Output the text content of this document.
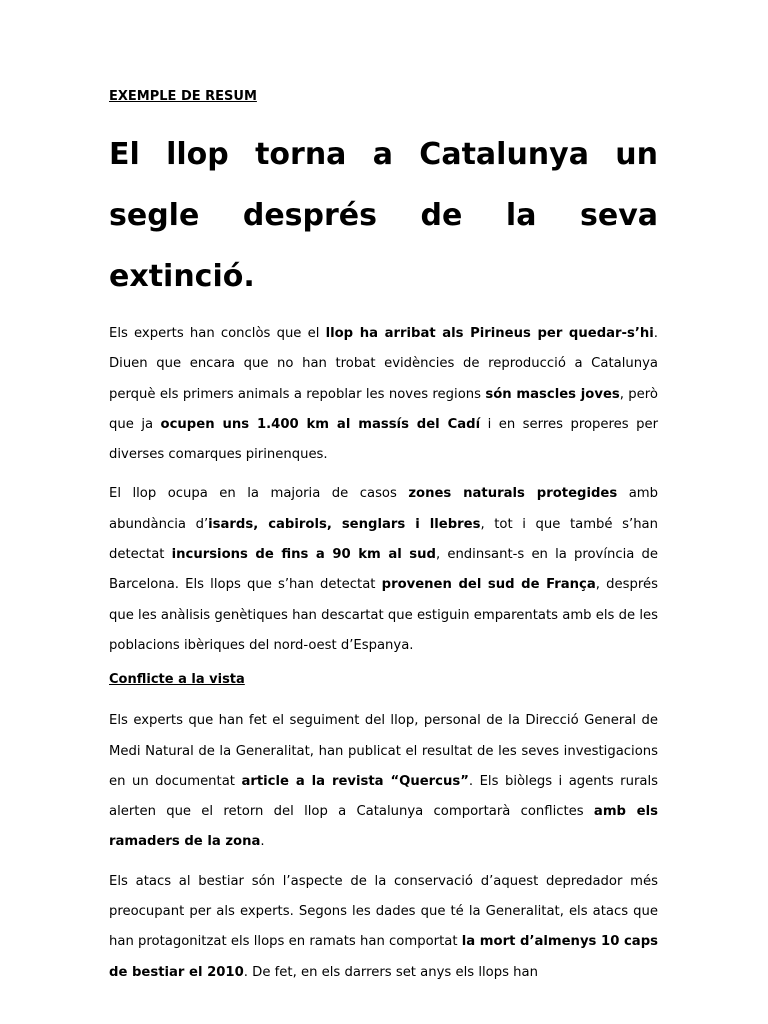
EXEMPLE DE RESUM
El llop torna a Catalunya un segle després de la seva extinció.
Els experts han conclòs que el llop ha arribat als Pirineus per quedar-s’hi. Diuen que encara que no han trobat evidències de reproducció a Catalunya perquè els primers animals a repoblar les noves regions són mascles joves, però que ja ocupen uns 1.400 km al massís del Cadí i en serres properes per diverses comarques pirinenques.
El llop ocupa en la majoria de casos zones naturals protegides amb abundància d’isards, cabirols, senglars i llebres, tot i que també s’han detectat incursions de fins a 90 km al sud, endinsant-s en la província de Barcelona. Els llops que s’han detectat provenen del sud de França, després que les anàlisis genètiques han descartat que estiguin emparentats amb els de les poblacions ibèriques del nord-oest d’Espanya.
Conflicte a la vista
Els experts que han fet el seguiment del llop, personal de la Direcció General de Medi Natural de la Generalitat, han publicat el resultat de les seves investigacions en un documentat article a la revista “Quercus”. Els biòlegs i agents rurals alerten que el retorn del llop a Catalunya comportarà conflictes amb els ramaders de la zona.
Els atacs al bestiar són l’aspecte de la conservació d’aquest depredador més preocupant per als experts. Segons les dades que té la Generalitat, els atacs que han protagonitzat els llops en ramats han comportat la mort d’almenys 10 caps de bestiar el 2010. De fet, en els darrers set anys els llops han
